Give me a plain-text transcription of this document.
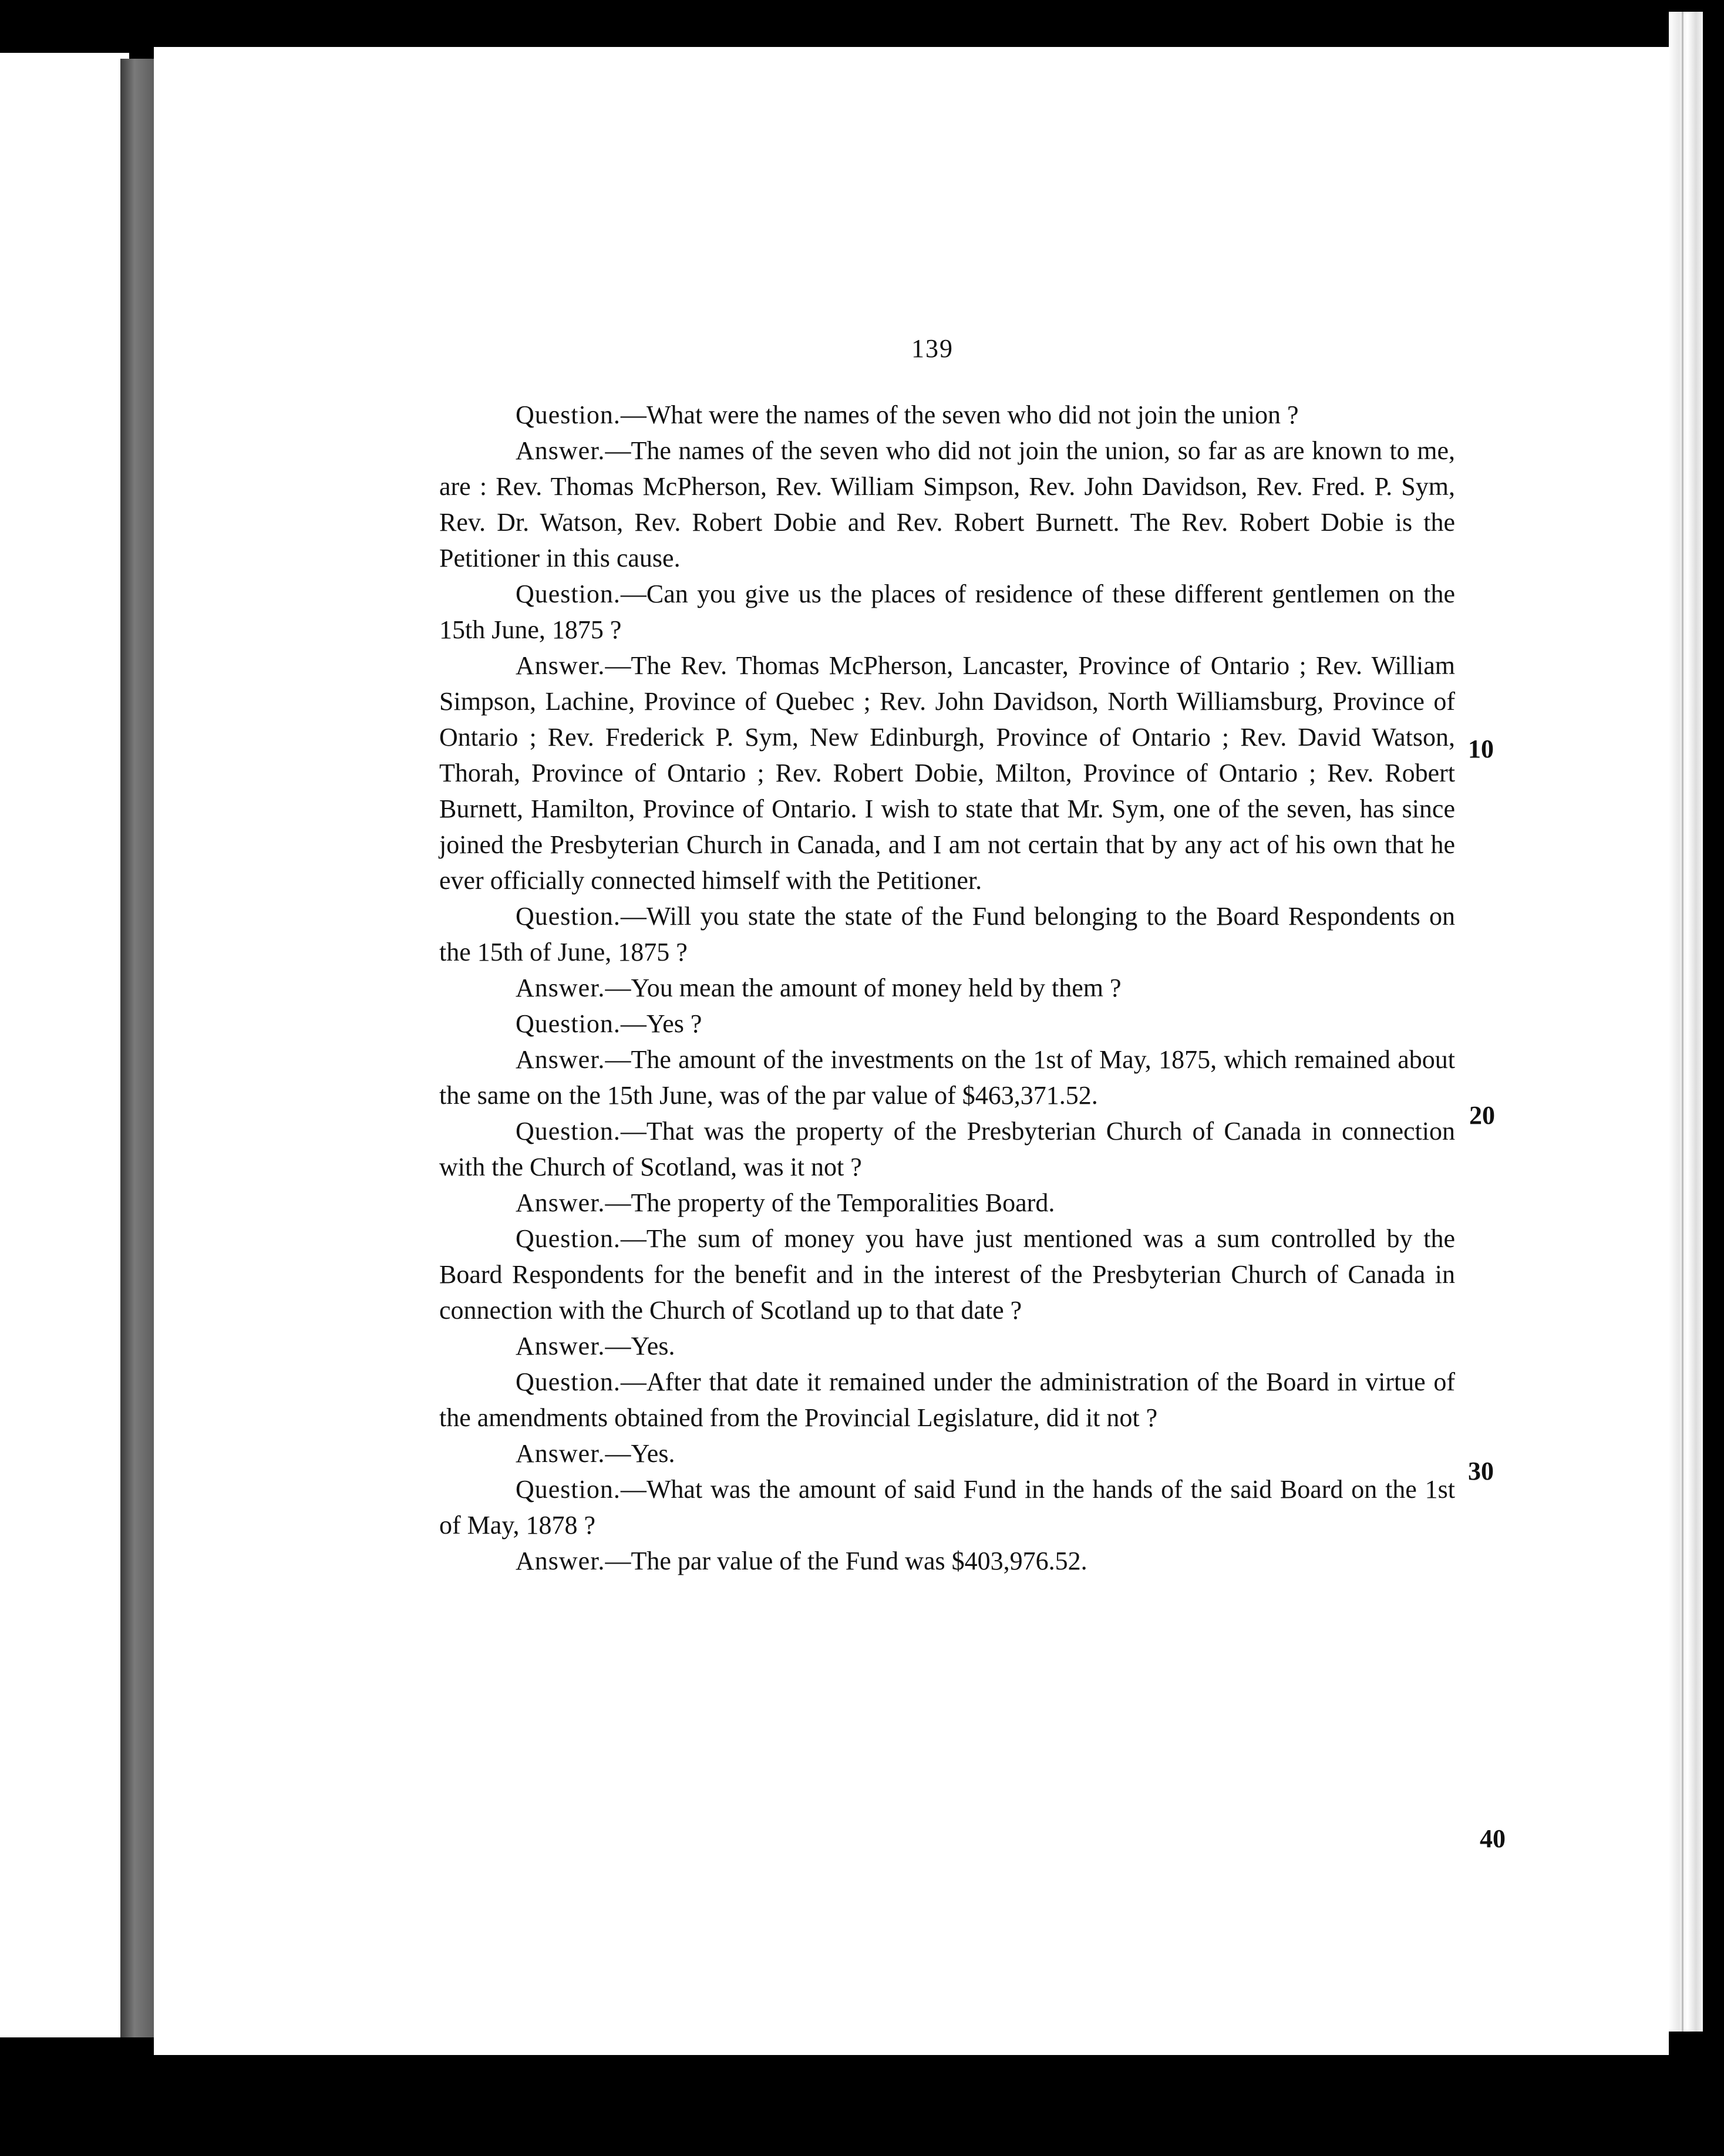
139

Question.—What were the names of the seven who did not join the union ?

Answer.—The names of the seven who did not join the union, so far as are known to me, are : Rev. Thomas McPherson, Rev. William Simpson, Rev. John Davidson, Rev. Fred. P. Sym, Rev. Dr. Watson, Rev. Robert Dobie and Rev. Robert Burnett. The Rev. Robert Dobie is the Petitioner in this cause.

Question.—Can you give us the places of residence of these different gentlemen on the 15th June, 1875 ?

Answer.—The Rev. Thomas McPherson, Lancaster, Province of Ontario ; Rev. William Simpson, Lachine, Province of Quebec ; Rev. John Davidson, North Williamsburg, Province of Ontario ; Rev. Frederick P. Sym, New Edinburgh, Province of Ontario ; Rev. David Watson, Thorah, Province of Ontario ; Rev. Robert Dobie, Milton, Province of Ontario ; Rev. Robert Burnett, Hamilton, Province of Ontario. I wish to state that Mr. Sym, one of the seven, has since joined the Presbyterian Church in Canada, and I am not certain that by any act of his own that he ever officially connected himself with the Petitioner.

Question.—Will you state the state of the Fund belonging to the Board Respondents on the 15th of June, 1875 ?

Answer.—You mean the amount of money held by them ?

Question.—Yes ?

Answer.—The amount of the investments on the 1st of May, 1875, which remained about the same on the 15th June, was of the par value of $463,371.52.

Question.—That was the property of the Presbyterian Church of Canada in connection with the Church of Scotland, was it not ?

Answer.—The property of the Temporalities Board.

Question.—The sum of money you have just mentioned was a sum controlled by the Board Respondents for the benefit and in the interest of the Presbyterian Church of Canada in connection with the Church of Scotland up to that date ?

Answer.—Yes.

Question.—After that date it remained under the administration of the Board in virtue of the amendments obtained from the Provincial Legislature, did it not ?

Answer.—Yes.

Question.—What was the amount of said Fund in the hands of the said Board on the 1st of May, 1878 ?

Answer.—The par value of the Fund was $403,976.52.

10
20
30
40
